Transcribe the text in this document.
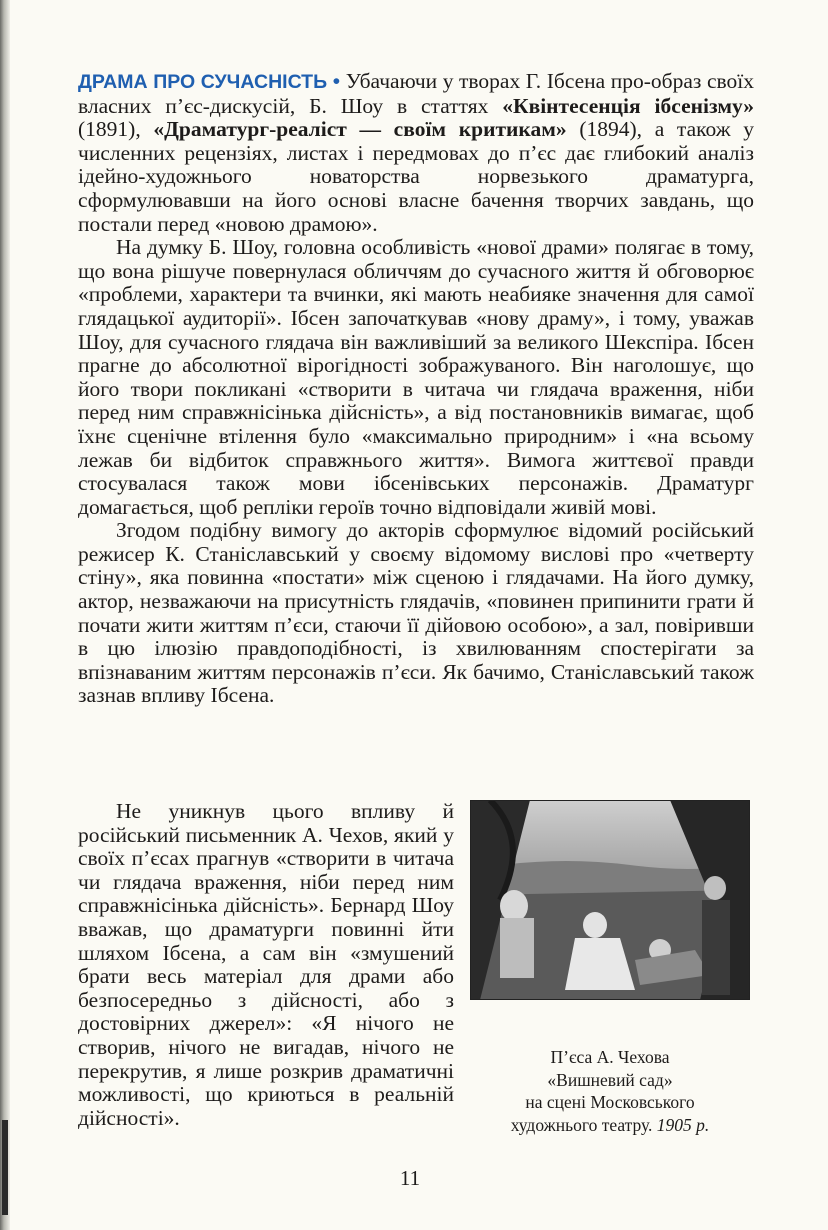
ДРАМА ПРО СУЧАСНІСТЬ • Убачаючи у творах Г. Ібсена про-образ своїх власних п’єс-дискусій, Б. Шоу в статтях «Квінтесенція ібсенізму» (1891), «Драматург-реаліст — своїм критикам» (1894), а також у численних рецензіях, листах і передмовах до п’єс дає глибокий аналіз ідейно-художнього новаторства норвезького драматурга, сформулювавши на його основі власне бачення творчих завдань, що постали перед «новою драмою».

На думку Б. Шоу, головна особливість «нової драми» полягає в тому, що вона рішуче повернулася обличчям до сучасного життя й обговорює «проблеми, характери та вчинки, які мають неабияке значення для самої глядацької аудиторії». Ібсен започаткував «нову драму», і тому, уважав Шоу, для сучасного глядача він важливіший за великого Шекспіра. Ібсен прагне до абсолютної вірогідності зображуваного. Він наголошує, що його твори покликані «створити в читача чи глядача враження, ніби перед ним справжнісінька дійсність», а від постановників вимагає, щоб їхнє сценічне втілення було «максимально природним» і «на всьому лежав би відбиток справжнього життя». Вимога життєвої правди стосувалася також мови ібсенівських персонажів. Драматург домагається, щоб репліки героїв точно відповідали живій мові.

Згодом подібну вимогу до акторів сформулює відомий російський режисер К. Станіславський у своєму відомому вислові про «четверту стіну», яка повинна «постати» між сценою і глядачами. На його думку, актор, незважаючи на присутність глядачів, «повинен припинити грати й почати жити життям п’єси, стаючи її дійовою особою», а зал, повіривши в цю ілюзію правдоподібності, із хвилюванням спостерігати за впізнаваним життям персонажів п’єси. Як бачимо, Станіславський також зазнав впливу Ібсена.

Не уникнув цього впливу й російський письменник А. Чехов, який у своїх п’єсах прагнув «створити в читача чи глядача враження, ніби перед ним справжнісінька дійсність». Бернард Шоу вважав, що драматурги повинні йти шляхом Ібсена, а сам він «змушений брати весь матеріал для драми або безпосередньо з дійсності, або з достовірних джерел»: «Я нічого не створив, нічого не вигадав, нічого не перекрутив, я лише розкрив драматичні можливості, що криються в реальній дійсності».

П’єса А. Чехова
«Вишневий сад»
на сцені Московського
художнього театру. 1905 р.
11
